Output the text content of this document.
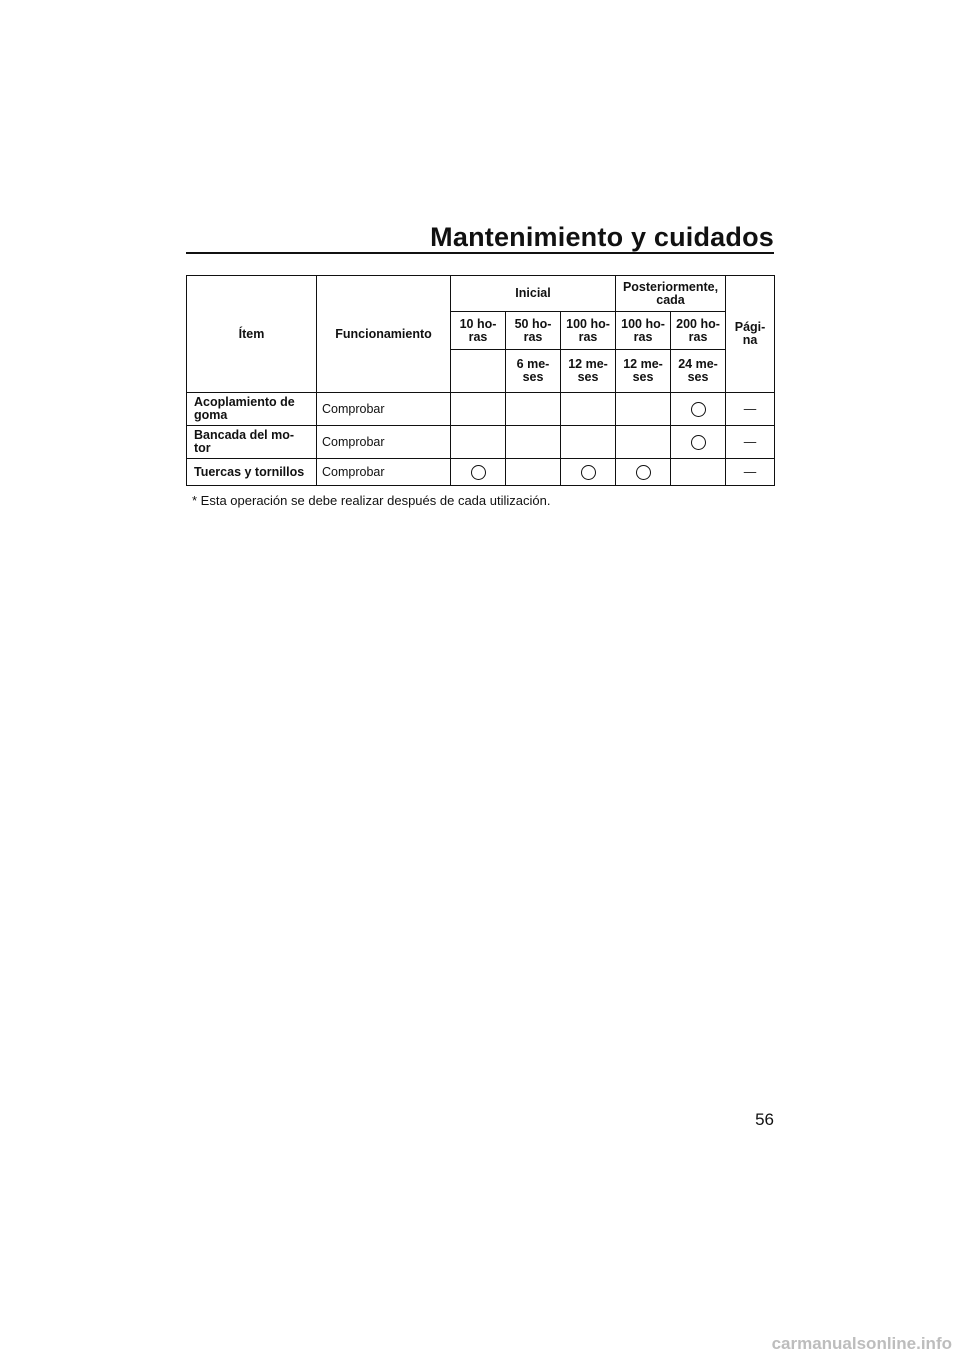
Mantenimiento y cuidados
Ítem	Funcionamiento	Inicial			Posteriormente, cada		Pági- na
		10 ho- ras	50 ho- ras	100 ho- ras	100 ho- ras	200 ho- ras	
			6 me- ses	12 me- ses	12 me- ses	24 me- ses	
Acoplamiento de goma	Comprobar						—
Bancada del mo- tor	Comprobar						—
Tuercas y tornillos	Comprobar						—
* Esta operación se debe realizar después de cada utilización.
56
carmanualsonline.info
